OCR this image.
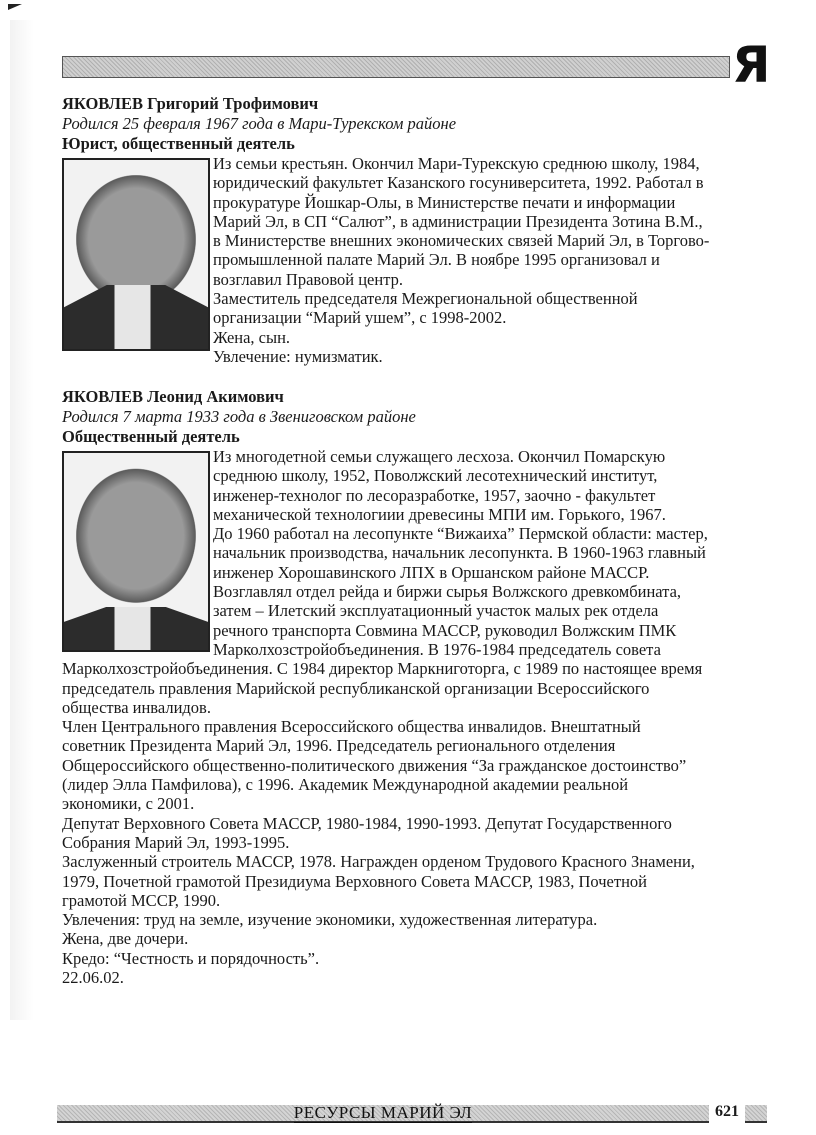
Я

ЯКОВЛЕВ Григорий Трофимович

Родился 25 февраля 1967 года в Мари-Турекском районе

Юрист, общественный деятель

Из семьи крестьян. Окончил Мари-Турекскую среднюю школу, 1984,
юридический факультет Казанского госуниверситета, 1992. Работал в
прокуратуре Йошкар-Олы, в Министерстве печати и информации
Марий Эл, в СП “Салют”, в администрации Президента Зотина В.М.,
в Министерстве внешних экономических связей Марий Эл, в Торгово-
промышленной палате Марий Эл. В ноябре 1995 организовал и
возглавил Правовой центр.
Заместитель председателя Межрегиональной общественной
организации “Марий ушем”, с 1998-2002.
Жена, сын.
Увлечение: нумизматик.

ЯКОВЛЕВ Леонид Акимович

Родился 7 марта 1933 года в Звениговском районе

Общественный деятель

Из многодетной семьи служащего лесхоза. Окончил Помарскую
среднюю школу, 1952, Поволжский лесотехнический институт,
инженер-технолог по лесоразработке, 1957, заочно - факультет
механической технологиии древесины МПИ им. Горького, 1967.
До 1960 работал на лесопункте “Вижаиха” Пермской области: мастер,
начальник производства, начальник лесопункта. В 1960-1963 главный
инженер Хорошавинского ЛПХ в Оршанском районе МАССР.
Возглавлял отдел рейда и биржи сырья Волжского древкомбината,
затем – Илетский эксплуатационный участок малых рек отдела
речного транспорта Совмина МАССР, руководил Волжским ПМК
Марколхозстройобъединения. В 1976-1984 председатель совета
Марколхозстройобъединения. С 1984 директор Маркниготорга, с 1989 по настоящее время
председатель правления Марийской республиканской организации Всероссийского
общества инвалидов.
Член Центрального правления Всероссийского общества инвалидов. Внештатный
советник Президента Марий Эл, 1996. Председатель регионального отделения
Общероссийского общественно-политического движения “За гражданское достоинство”
(лидер Элла Памфилова), с 1996. Академик Международной академии реальной
экономики, с 2001.
Депутат Верховного Совета МАССР, 1980-1984, 1990-1993. Депутат Государственного
Собрания Марий Эл, 1993-1995.
Заслуженный строитель МАССР, 1978. Награжден орденом Трудового Красного Знамени,
1979, Почетной грамотой Президиума Верховного Совета МАССР, 1983, Почетной
грамотой МССР, 1990.
Увлечения: труд на земле, изучение экономики, художественная литература.
Жена, две дочери.
Кредо: “Честность и порядочность”.
22.06.02.
РЕСУРСЫ МАРИЙ ЭЛ	621
